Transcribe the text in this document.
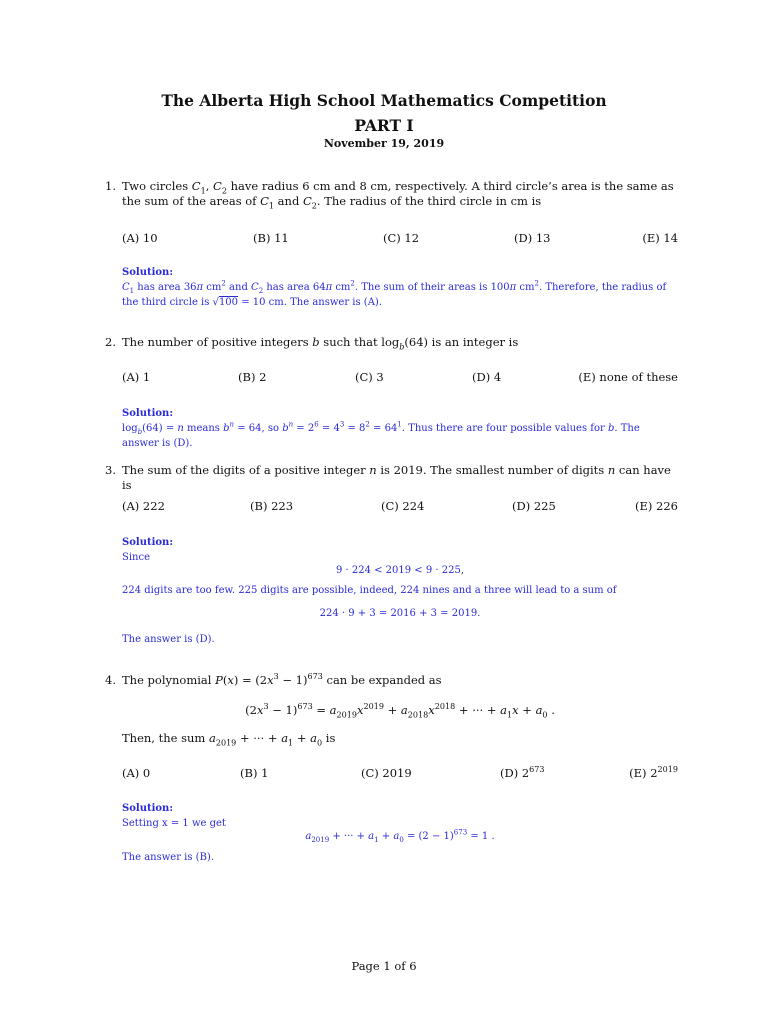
The Alberta High School Mathematics Competition
PART I
November 19, 2019
1. Two circles $C_1$, $C_2$ have radius 6 cm and 8 cm, respectively. A third circle’s area is the same as the sum of the areas of $C_1$ and $C_2$. The radius of the third circle in cm is
(A) 10	(B) 11	(C) 12	(D) 13	(E) 14
Solution:
$C_1$ has area 36π $cm^2$ and $C_2$ has area 64π $cm^2$. The sum of their areas is 100π $cm^2$. Therefore, the radius of the third circle is √100 = 10 cm. The answer is (A).
2. The number of positive integers b such that $\log_b(64)$ is an integer is
(A) 1	(B) 2	(C) 3	(D) 4	(E) none of these
Solution:
$\log_b(64) = n$ means $b^n = 64$, so $b^n = 2^6 = 4^3 = 8^2 = 64^1$. Thus there are four possible values for b. The answer is (D).
3. The sum of the digits of a positive integer n is 2019. The smallest number of digits n can have is
(A) 222	(B) 223	(C) 224	(D) 225	(E) 226
Solution:
Since
9 · 224 < 2019 < 9 · 225,
224 digits are too few. 225 digits are possible, indeed, 224 nines and a three will lead to a sum of
224 · 9 + 3 = 2016 + 3 = 2019.
The answer is (D).
4. The polynomial $P(x) = (2x^3 - 1)^{673}$ can be expanded as
$(2x^3 - 1)^{673} = a_{2019}x^{2019} + a_{2018}x^{2018}$ + ··· + $a_1x + a_0$ .
Then, the sum $a_{2019}$ + ··· + $a_1 + a_0$ is
(A) 0	(B) 1	(C) 2019	(D) $2^{673}$	(E) $2^{2019}$
Solution:
Setting x = 1 we get
$a_{2019}$ + ··· + $a_1 + a_0 = (2 - 1)^{673} = 1$ .
The answer is (B).
Page 1 of 6
